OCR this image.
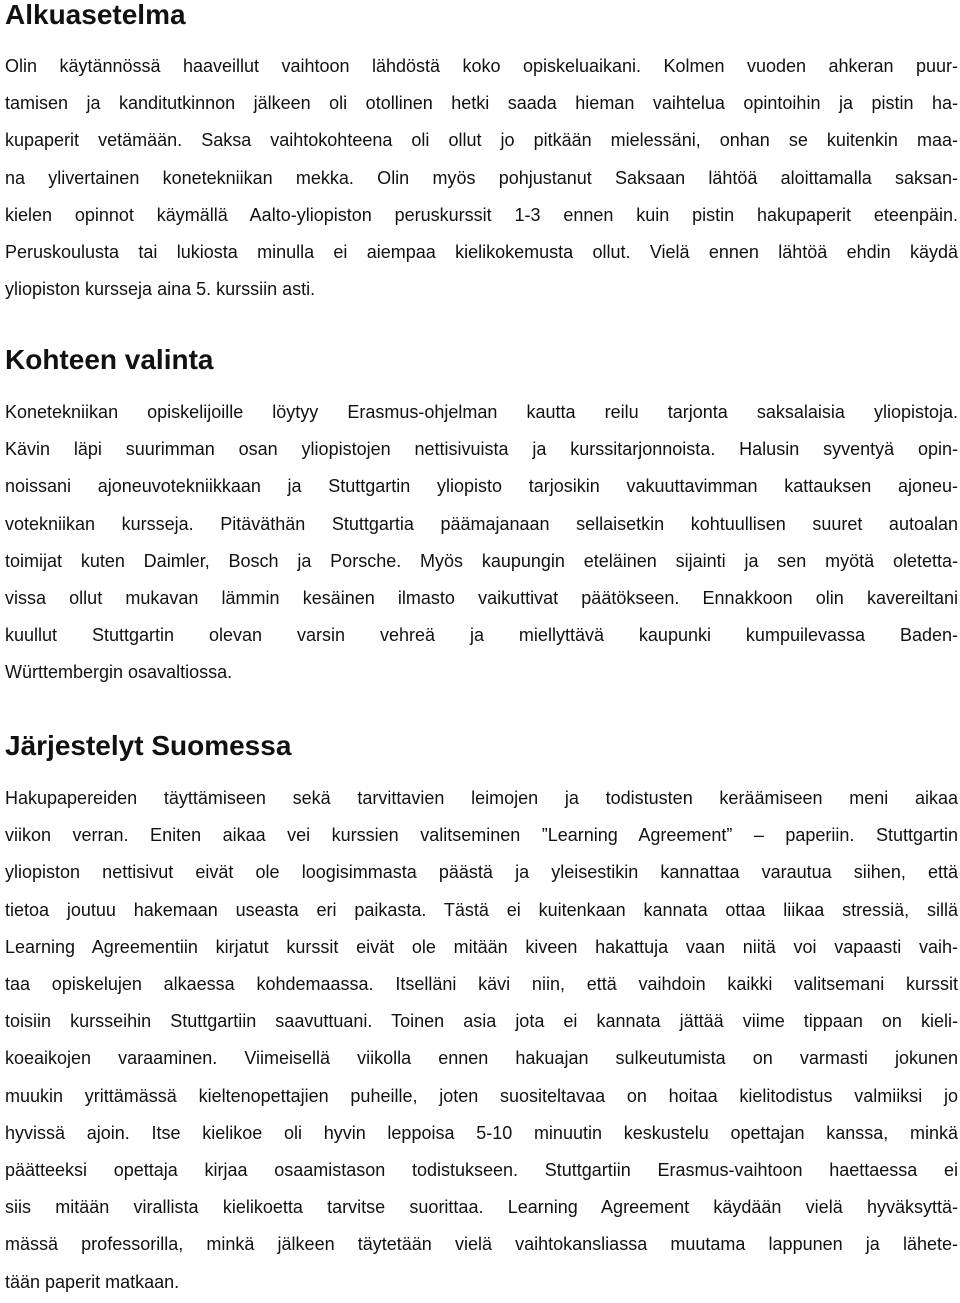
Alkuasetelma
Olin käytännössä haaveillut vaihtoon lähdöstä koko opiskeluaikani. Kolmen vuoden ahkeran puur-
tamisen ja kanditutkinnon jälkeen oli otollinen hetki saada hieman vaihtelua opintoihin ja pistin ha-
kupaperit vetämään. Saksa vaihtokohteena oli ollut jo pitkään mielessäni, onhan se kuitenkin maa-
na ylivertainen konetekniikan mekka. Olin myös pohjustanut Saksaan lähtöä aloittamalla saksan-
kielen opinnot käymällä Aalto-yliopiston peruskurssit 1-3 ennen kuin pistin hakupaperit eteenpäin.
Peruskoulusta tai lukiosta minulla ei aiempaa kielikokemusta ollut. Vielä ennen lähtöä ehdin käydä
yliopiston kursseja aina 5. kurssiin asti.
Kohteen valinta
Konetekniikan opiskelijoille löytyy Erasmus-ohjelman kautta reilu tarjonta saksalaisia yliopistoja.
Kävin läpi suurimman osan yliopistojen nettisivuista ja kurssitarjonnoista. Halusin syventyä opin-
noissani ajoneuvotekniikkaan ja Stuttgartin yliopisto tarjosikin vakuuttavimman kattauksen ajoneu-
votekniikan kursseja. Pitäväthän Stuttgartia päämajanaan sellaisetkin kohtuullisen suuret autoalan
toimijat kuten Daimler, Bosch ja Porsche. Myös kaupungin eteläinen sijainti ja sen myötä oletetta-
vissa ollut mukavan lämmin kesäinen ilmasto vaikuttivat päätökseen. Ennakkoon olin kavereiltani
kuullut Stuttgartin olevan varsin vehreä ja miellyttävä kaupunki kumpuilevassa Baden-
Württembergin osavaltiossa.
Järjestelyt Suomessa
Hakupapereiden täyttämiseen sekä tarvittavien leimojen ja todistusten keräämiseen meni aikaa
viikon verran. Eniten aikaa vei kurssien valitseminen ”Learning Agreement” – paperiin. Stuttgartin
yliopiston nettisivut eivät ole loogisimmasta päästä ja yleisestikin kannattaa varautua siihen, että
tietoa joutuu hakemaan useasta eri paikasta. Tästä ei kuitenkaan kannata ottaa liikaa stressiä, sillä
Learning Agreementiin kirjatut kurssit eivät ole mitään kiveen hakattuja vaan niitä voi vapaasti vaih-
taa opiskelujen alkaessa kohdemaassa. Itselläni kävi niin, että vaihdoin kaikki valitsemani kurssit
toisiin kursseihin Stuttgartiin saavuttuani. Toinen asia jota ei kannata jättää viime tippaan on kieli-
koeaikojen varaaminen. Viimeisellä viikolla ennen hakuajan sulkeutumista on varmasti jokunen
muukin yrittämässä kieltenopettajien puheille, joten suositeltavaa on hoitaa kielitodistus valmiiksi jo
hyvissä ajoin. Itse kielikoe oli hyvin leppoisa 5-10 minuutin keskustelu opettajan kanssa, minkä
päätteeksi opettaja kirjaa osaamistason todistukseen. Stuttgartiin Erasmus-vaihtoon haettaessa ei
siis mitään virallista kielikoetta tarvitse suorittaa. Learning Agreement käydään vielä hyväksyttä-
mässä professorilla, minkä jälkeen täytetään vielä vaihtokansliassa muutama lappunen ja lähete-
tään paperit matkaan.
